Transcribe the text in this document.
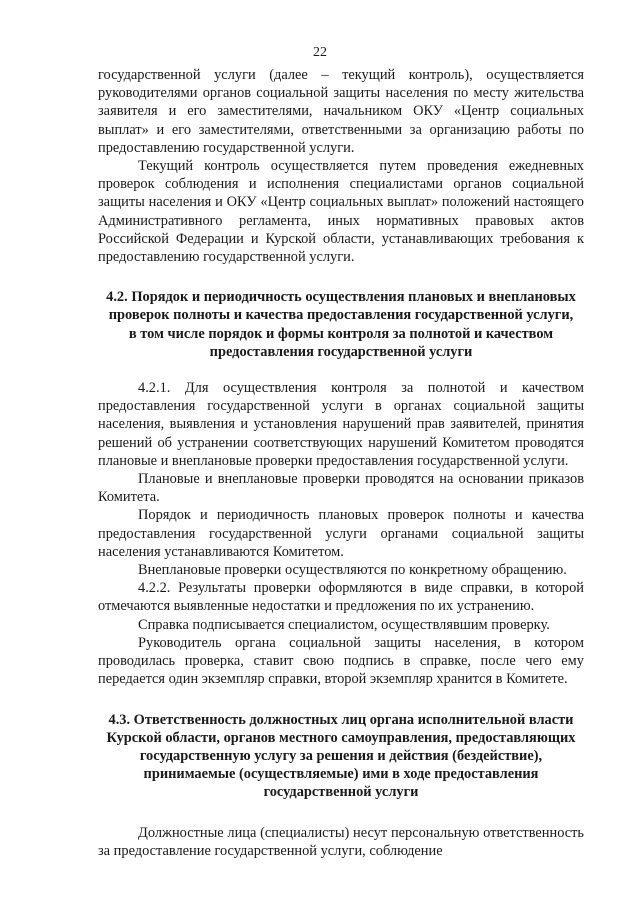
22

государственной услуги (далее – текущий контроль), осуществляется руководителями органов социальной защиты населения по месту жительства заявителя и его заместителями, начальником ОКУ «Центр социальных выплат» и его заместителями, ответственными за организацию работы по предоставлению государственной услуги.

Текущий контроль осуществляется путем проведения ежедневных проверок соблюдения и исполнения специалистами органов социальной защиты населения и ОКУ «Центр социальных выплат» положений настоящего Административного регламента, иных нормативных правовых актов Российской Федерации и Курской области, устанавливающих требования к предоставлению государственной услуги.

4.2. Порядок и периодичность осуществления плановых и внеплановых проверок полноты и качества предоставления государственной услуги, в том числе порядок и формы контроля за полнотой и качеством предоставления государственной услуги

4.2.1. Для осуществления контроля за полнотой и качеством предоставления государственной услуги в органах социальной защиты населения, выявления и установления нарушений прав заявителей, принятия решений об устранении соответствующих нарушений Комитетом проводятся плановые и внеплановые проверки предоставления государственной услуги.

Плановые и внеплановые проверки проводятся на основании приказов Комитета.

Порядок и периодичность плановых проверок полноты и качества предоставления государственной услуги органами социальной защиты населения устанавливаются Комитетом.

Внеплановые проверки осуществляются по конкретному обращению.

4.2.2. Результаты проверки оформляются в виде справки, в которой отмечаются выявленные недостатки и предложения по их устранению.

Справка подписывается специалистом, осуществлявшим проверку.

Руководитель органа социальной защиты населения, в котором проводилась проверка, ставит свою подпись в справке, после чего ему передается один экземпляр справки, второй экземпляр хранится в Комитете.

4.3. Ответственность должностных лиц органа исполнительной власти Курской области, органов местного самоуправления, предоставляющих государственную услугу за решения и действия (бездействие), принимаемые (осуществляемые) ими в ходе предоставления государственной услуги

Должностные лица (специалисты) несут персональную ответственность за предоставление государственной услуги, соблюдение
